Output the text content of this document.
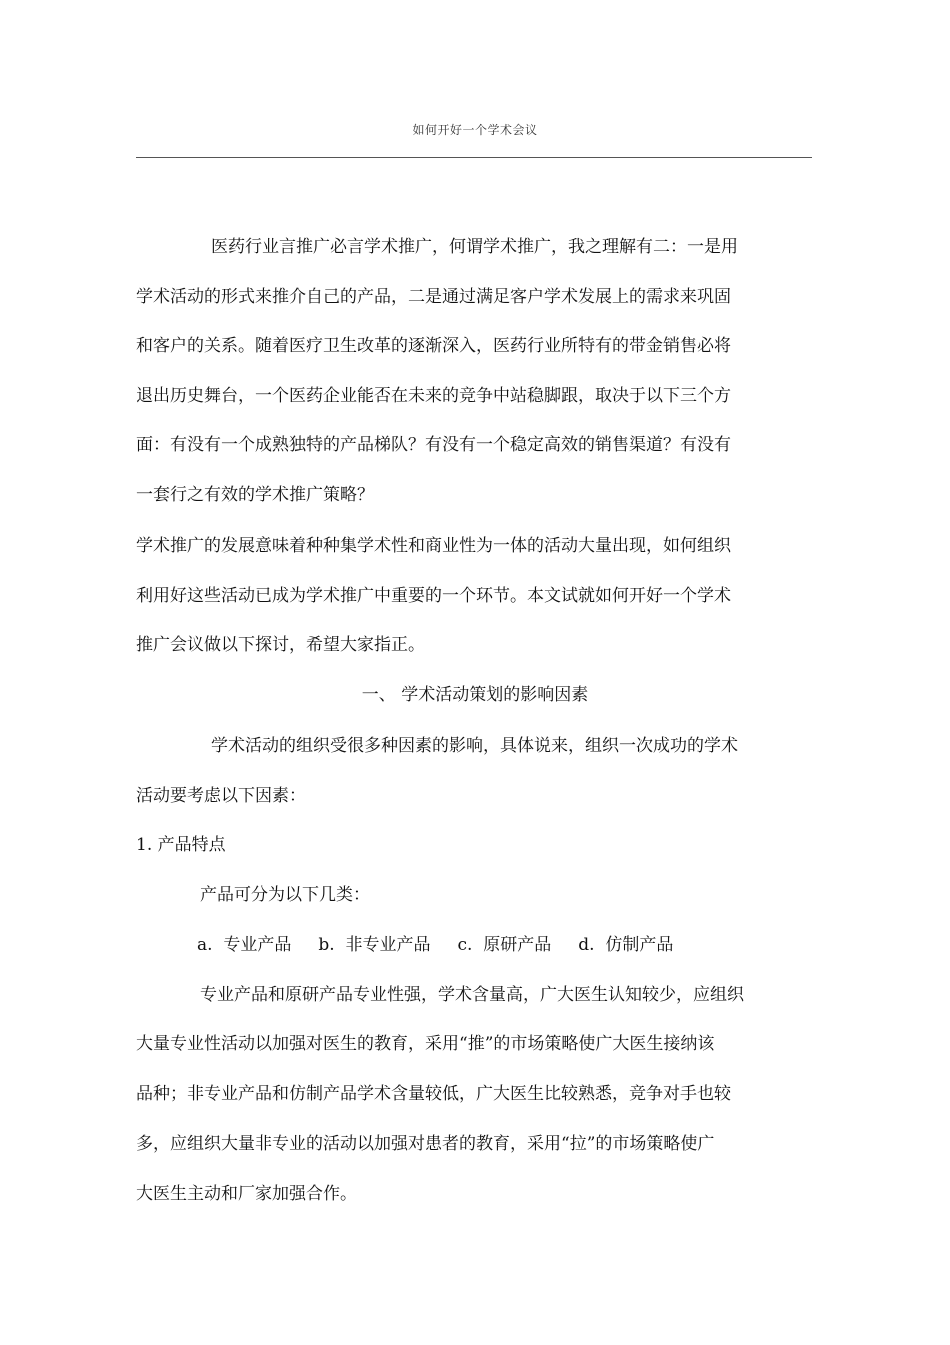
如何开好一个学术会议
医药行业言推广必言学术推广，何谓学术推广，我之理解有二：一是用
学术活动的形式来推介自己的产品，二是通过满足客户学术发展上的需求来巩固
和客户的关系。随着医疗卫生改革的逐渐深入，医药行业所特有的带金销售必将
退出历史舞台，一个医药企业能否在未来的竞争中站稳脚跟，取决于以下三个方
面：有没有一个成熟独特的产品梯队？有没有一个稳定高效的销售渠道？有没有
一套行之有效的学术推广策略？
学术推广的发展意味着种种集学术性和商业性为一体的活动大量出现，如何组织
利用好这些活动已成为学术推广中重要的一个环节。本文试就如何开好一个学术
推广会议做以下探讨，希望大家指正。
一、 学术活动策划的影响因素
学术活动的组织受很多种因素的影响，具体说来，组织一次成功的学术
活动要考虑以下因素：
1. 产品特点
产品可分为以下几类：
a.  专业产品     b.  非专业产品     c.  原研产品     d.  仿制产品
专业产品和原研产品专业性强，学术含量高，广大医生认知较少，应组织
大量专业性活动以加强对医生的教育，采用“推”的市场策略使广大医生接纳该
品种；非专业产品和仿制产品学术含量较低，广大医生比较熟悉，竞争对手也较
多，应组织大量非专业的活动以加强对患者的教育，采用“拉”的市场策略使广
大医生主动和厂家加强合作。
